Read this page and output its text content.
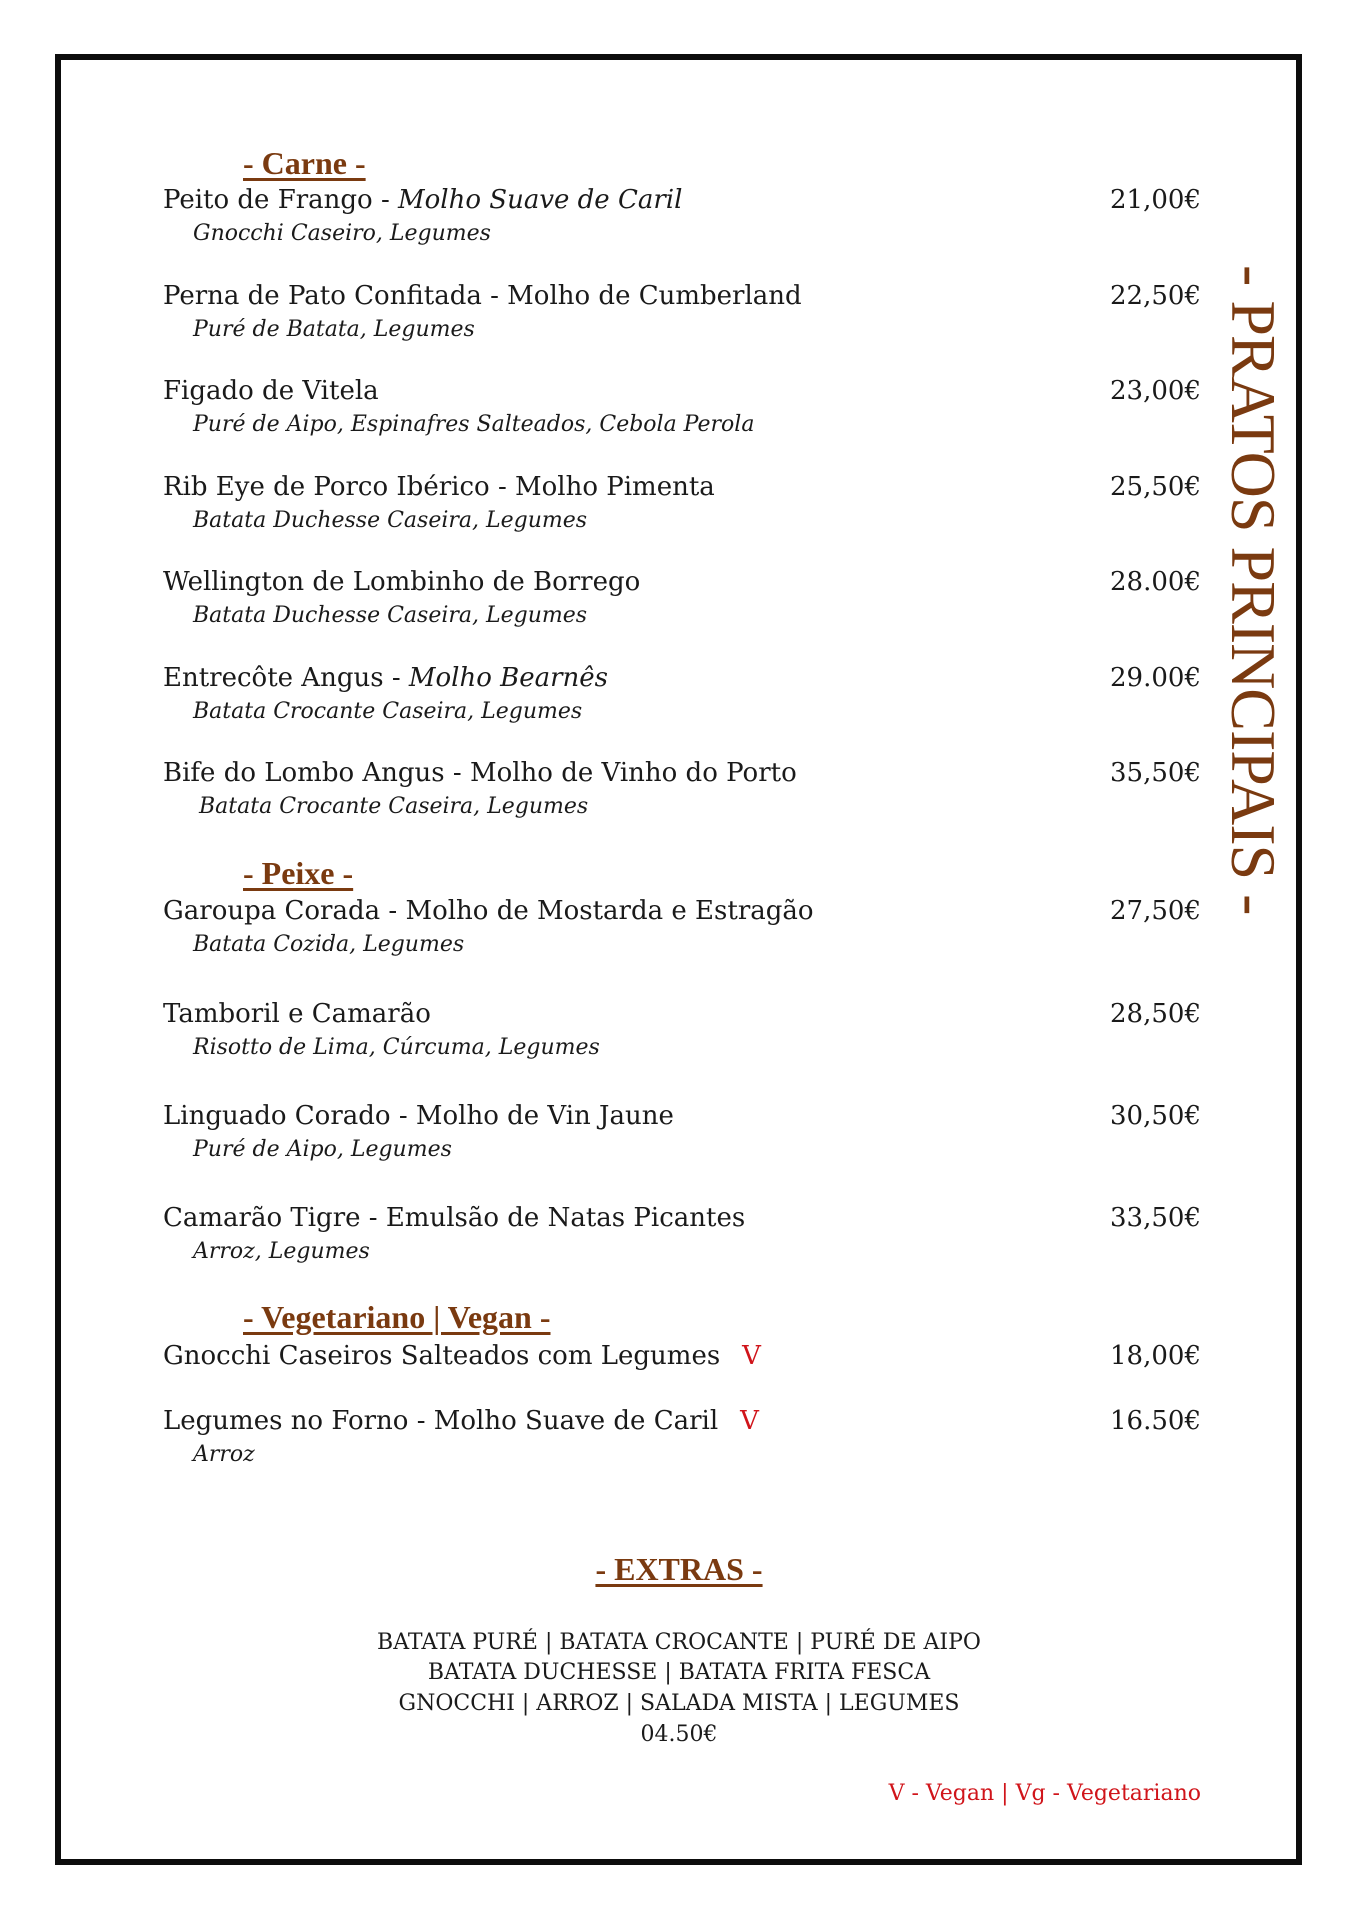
- PRATOS PRINCIPAIS -
- Carne -
Peito de Frango - Molho Suave de Caril	21,00€
Gnocchi Caseiro, Legumes
Perna de Pato Confitada - Molho de Cumberland	22,50€
Puré de Batata, Legumes
Figado de Vitela	23,00€
Puré de Aipo, Espinafres Salteados, Cebola Perola
Rib Eye de Porco Ibérico - Molho Pimenta	25,50€
Batata Duchesse Caseira, Legumes
Wellington de Lombinho de Borrego	28.00€
Batata Duchesse Caseira, Legumes
Entrecôte Angus - Molho Bearnês	29.00€
Batata Crocante Caseira, Legumes
Bife do Lombo Angus - Molho de Vinho do Porto	35,50€
Batata Crocante Caseira, Legumes
- Peixe -
Garoupa Corada - Molho de Mostarda e Estragão	27,50€
Batata Cozida, Legumes
Tamboril e Camarão	28,50€
Risotto de Lima, Cúrcuma, Legumes
Linguado Corado - Molho de Vin Jaune	30,50€
Puré de Aipo, Legumes
Camarão Tigre - Emulsão de Natas Picantes	33,50€
Arroz, Legumes
- Vegetariano | Vegan -
Gnocchi Caseiros Salteados com Legumes V	18,00€
Legumes no Forno - Molho Suave de Caril V	16.50€
Arroz
- EXTRAS -
BATATA PURÉ | BATATA CROCANTE | PURÉ DE AIPO
BATATA DUCHESSE | BATATA FRITA FESCA
GNOCCHI | ARROZ | SALADA MISTA | LEGUMES
04.50€
V - Vegan | Vg - Vegetariano
